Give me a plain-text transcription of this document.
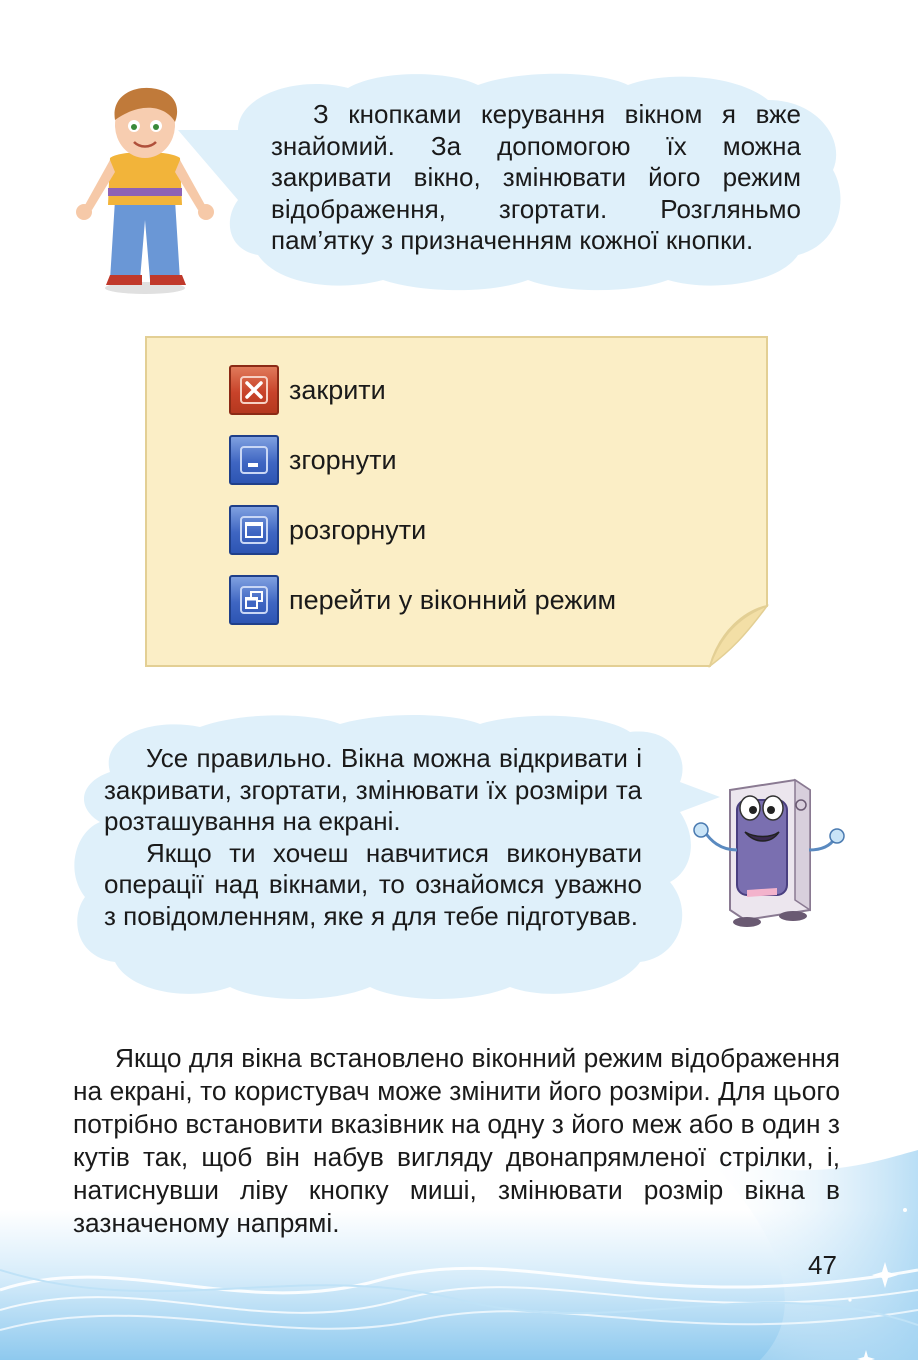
З кнопками керування вікном я вже знайомий. За допомогою їх можна закривати вікно, змінювати його режим відображення, згортати. Розгляньмо пам’ятку з призначенням кожної кнопки.

закрити
згорнути
розгорнути
перейти у віконний режим

Усе правильно. Вікна можна відкривати і закривати, згортати, змінювати їх розміри та розташування на екрані.

Якщо ти хочеш навчитися виконувати операції над вікнами, то ознайомся уважно з повідомленням, яке я для тебе підготував.

Якщо для вікна встановлено віконний режим відображення на екрані, то користувач може змінити його розміри. Для цього потрібно встановити вказівник на одну з його меж або в один з кутів так, щоб він набув вигляду двонапрямленої стрілки, і, натиснувши ліву кнопку миші, змінювати розмір вікна в зазначеному напрямі.

47
